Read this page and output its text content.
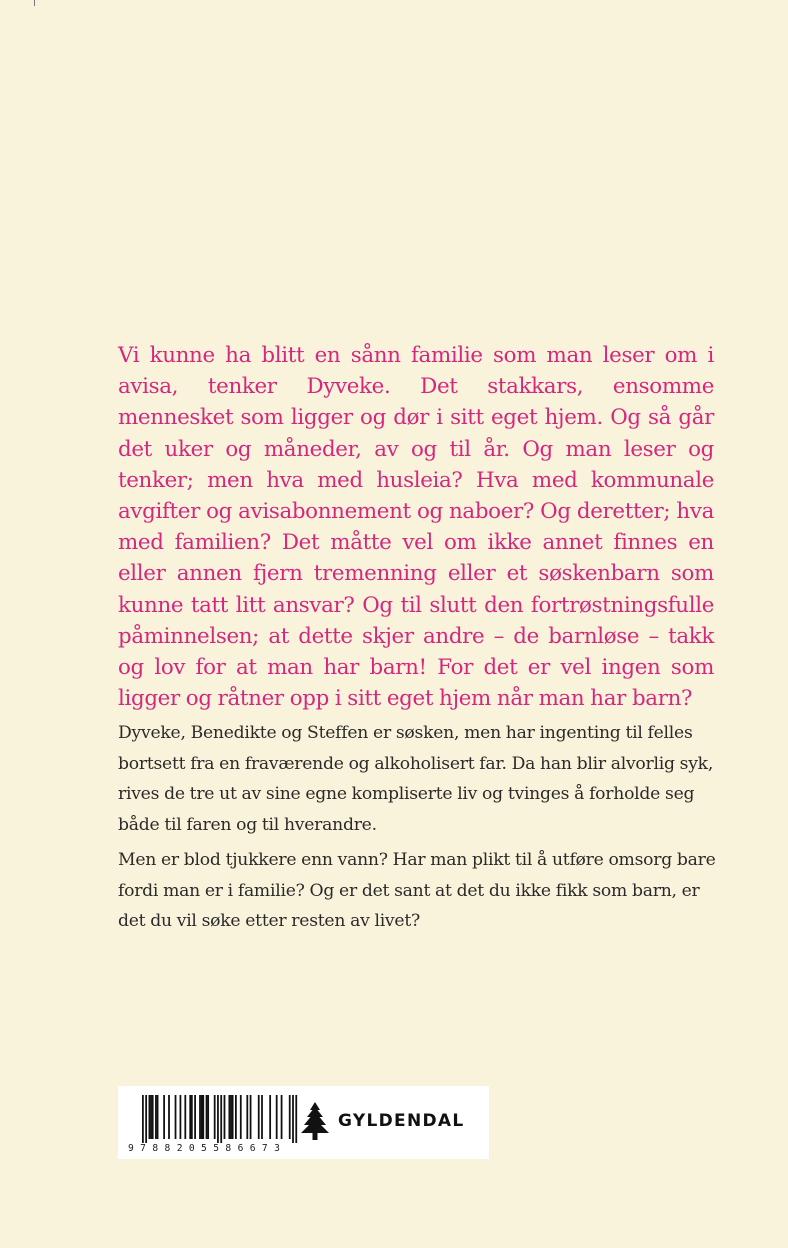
Vi kunne ha blitt en sånn familie som man leser om i avisa, tenker Dyveke. Det stakkars, ensomme mennesket som ligger og dør i sitt eget hjem. Og så går det uker og måneder, av og til år. Og man leser og tenker; men hva med husleia? Hva med kommunale avgifter og avisabonnement og naboer? Og deretter; hva med familien? Det måtte vel om ikke annet finnes en eller annen fjern tremenning eller et søskenbarn som kunne tatt litt ansvar? Og til slutt den fortrøstningsfulle påminnelsen; at dette skjer andre – de barnløse – takk og lov for at man har barn! For det er vel ingen som ligger og råtner opp i sitt eget hjem når man har barn?

Dyveke, Benedikte og Steffen er søsken, men har ingenting til felles bortsett fra en fraværende og alkoholisert far. Da han blir alvorlig syk, rives de tre ut av sine egne kompliserte liv og tvinges å forholde seg både til faren og til hverandre.

Men er blod tjukkere enn vann? Har man plikt til å utføre omsorg bare fordi man er i familie? Og er det sant at det du ikke fikk som barn, er det du vil søke etter resten av livet?

9788205586673
GYLDENDAL
